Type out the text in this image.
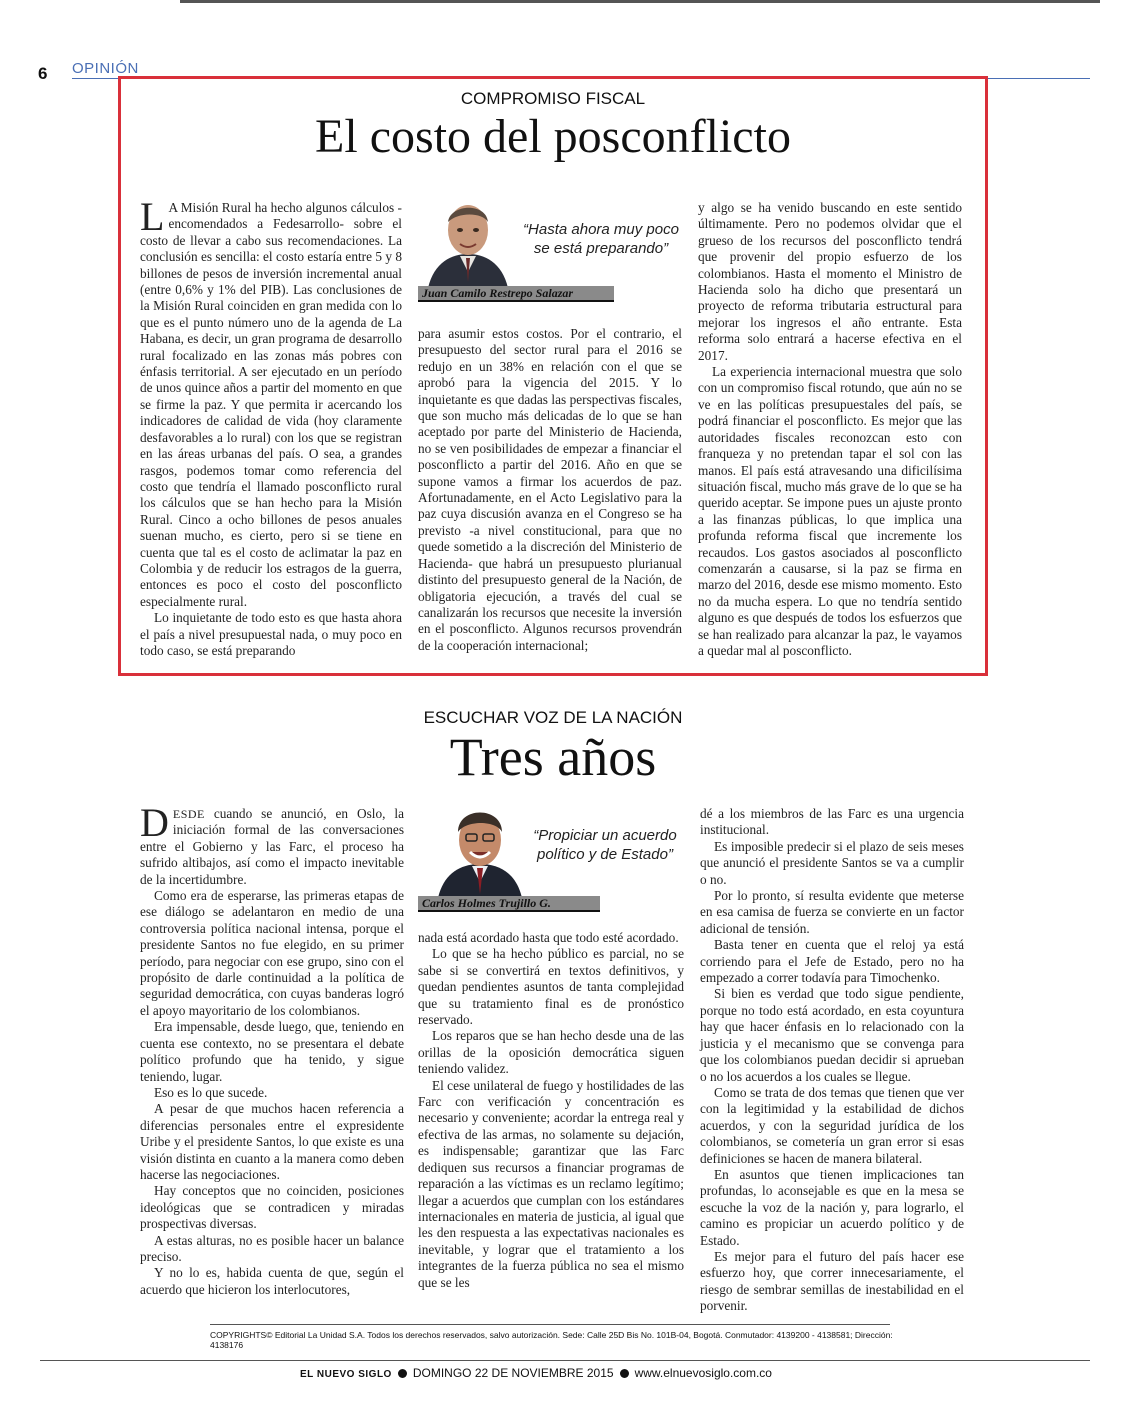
6 OPINIÓN
COMPROMISO FISCAL
El costo del posconflicto

L A Misión Rural ha hecho algunos cálculos -encomendados a Fedesarrollo- sobre el costo de llevar a cabo sus recomendaciones. La conclusión es sencilla: el costo estaría entre 5 y 8 billones de pesos de inversión incremental anual (entre 0,6% y 1% del PIB). Las conclusiones de la Misión Rural coinciden en gran medida con lo que es el punto número uno de la agenda de La Habana, es decir, un gran programa de desarrollo rural focalizado en las zonas más pobres con énfasis territorial. A ser ejecutado en un período de unos quince años a partir del momento en que se firme la paz. Y que permita ir acercando los indicadores de calidad de vida (hoy claramente desfavorables a lo rural) con los que se registran en las áreas urbanas del país. O sea, a grandes rasgos, podemos tomar como referencia del costo que tendría el llamado posconflicto rural los cálculos que se han hecho para la Misión Rural. Cinco a ocho billones de pesos anuales suenan mucho, es cierto, pero si se tiene en cuenta que tal es el costo de aclimatar la paz en Colombia y de reducir los estragos de la guerra, entonces es poco el costo del posconflicto especialmente rural.

Lo inquietante de todo esto es que hasta ahora el país a nivel presupuestal nada, o muy poco en todo caso, se está preparando

“Hasta ahora muy poco se está preparando”
Juan Camilo Restrepo Salazar

para asumir estos costos. Por el contrario, el presupuesto del sector rural para el 2016 se redujo en un 38% en relación con el que se aprobó para la vigencia del 2015. Y lo inquietante es que dadas las perspectivas fiscales, que son mucho más delicadas de lo que se han aceptado por parte del Ministerio de Hacienda, no se ven posibilidades de empezar a financiar el posconflicto a partir del 2016. Año en que se supone vamos a firmar los acuerdos de paz. Afortunadamente, en el Acto Legislativo para la paz cuya discusión avanza en el Congreso se ha previsto -a nivel constitucional, para que no quede sometido a la discreción del Ministerio de Hacienda- que habrá un presupuesto plurianual distinto del presupuesto general de la Nación, de obligatoria ejecución, a través del cual se canalizarán los recursos que necesite la inversión en el posconflicto. Algunos recursos provendrán de la cooperación internacional;

y algo se ha venido buscando en este sentido últimamente. Pero no podemos olvidar que el grueso de los recursos del posconflicto tendrá que provenir del propio esfuerzo de los colombianos. Hasta el momento el Ministro de Hacienda solo ha dicho que presentará un proyecto de reforma tributaria estructural para mejorar los ingresos el año entrante. Esta reforma solo entrará a hacerse efectiva en el 2017.

La experiencia internacional muestra que solo con un compromiso fiscal rotundo, que aún no se ve en las políticas presupuestales del país, se podrá financiar el posconflicto. Es mejor que las autoridades fiscales reconozcan esto con franqueza y no pretendan tapar el sol con las manos. El país está atravesando una dificilísima situación fiscal, mucho más grave de lo que se ha querido aceptar. Se impone pues un ajuste pronto a las finanzas públicas, lo que implica una profunda reforma fiscal que incremente los recaudos. Los gastos asociados al posconflicto comenzarán a causarse, si la paz se firma en marzo del 2016, desde ese mismo momento. Esto no da mucha espera. Lo que no tendría sentido alguno es que después de todos los esfuerzos que se han realizado para alcanzar la paz, le vayamos a quedar mal al posconflicto.

ESCUCHAR VOZ DE LA NACIÓN
Tres años

DESDE cuando se anunció, en Oslo, la iniciación formal de las conversaciones entre el Gobierno y las Farc, el proceso ha sufrido altibajos, así como el impacto inevitable de la incertidumbre.

Como era de esperarse, las primeras etapas de ese diálogo se adelantaron en medio de una controversia política nacional intensa, porque el presidente Santos no fue elegido, en su primer período, para negociar con ese grupo, sino con el propósito de darle continuidad a la política de seguridad democrática, con cuyas banderas logró el apoyo mayoritario de los colombianos.

Era impensable, desde luego, que, teniendo en cuenta ese contexto, no se presentara el debate político profundo que ha tenido, y sigue teniendo, lugar.

Eso es lo que sucede.

A pesar de que muchos hacen referencia a diferencias personales entre el expresidente Uribe y el presidente Santos, lo que existe es una visión distinta en cuanto a la manera como deben hacerse las negociaciones.

Hay conceptos que no coinciden, posiciones ideológicas que se contradicen y miradas prospectivas diversas.

A estas alturas, no es posible hacer un balance preciso.

Y no lo es, habida cuenta de que, según el acuerdo que hicieron los interlocutores,

“Propiciar un acuerdo político y de Estado”
Carlos Holmes Trujillo G.

nada está acordado hasta que todo esté acordado.

Lo que se ha hecho público es parcial, no se sabe si se convertirá en textos definitivos, y quedan pendientes asuntos de tanta complejidad que su tratamiento final es de pronóstico reservado.

Los reparos que se han hecho desde una de las orillas de la oposición democrática siguen teniendo validez.

El cese unilateral de fuego y hostilidades de las Farc con verificación y concentración es necesario y conveniente; acordar la entrega real y efectiva de las armas, no solamente su dejación, es indispensable; garantizar que las Farc dediquen sus recursos a financiar programas de reparación a las víctimas es un reclamo legítimo; llegar a acuerdos que cumplan con los estándares internacionales en materia de justicia, al igual que les den respuesta a las expectativas nacionales es inevitable, y lograr que el tratamiento a los integrantes de la fuerza pública no sea el mismo que se les

dé a los miembros de las Farc es una urgencia institucional.

Es imposible predecir si el plazo de seis meses que anunció el presidente Santos se va a cumplir o no.

Por lo pronto, sí resulta evidente que meterse en esa camisa de fuerza se convierte en un factor adicional de tensión.

Basta tener en cuenta que el reloj ya está corriendo para el Jefe de Estado, pero no ha empezado a correr todavía para Timochenko.

Si bien es verdad que todo sigue pendiente, porque no todo está acordado, en esta coyuntura hay que hacer énfasis en lo relacionado con la justicia y el mecanismo que se convenga para que los colombianos puedan decidir si aprueban o no los acuerdos a los cuales se llegue.

Como se trata de dos temas que tienen que ver con la legitimidad y la estabilidad de dichos acuerdos, y con la seguridad jurídica de los colombianos, se cometería un gran error si esas definiciones se hacen de manera bilateral.

En asuntos que tienen implicaciones tan profundas, lo aconsejable es que en la mesa se escuche la voz de la nación y, para lograrlo, el camino es propiciar un acuerdo político y de Estado.

Es mejor para el futuro del país hacer ese esfuerzo hoy, que correr innecesariamente, el riesgo de sembrar semillas de inestabilidad en el porvenir.

COPYRIGHTS© Editorial La Unidad S.A. Todos los derechos reservados, salvo autorización. Sede: Calle 25D Bis No. 101B-04, Bogotá. Conmutador: 4139200 - 4138581; Dirección: 4138176
EL NUEVO SIGLO DOMINGO 22 DE NOVIEMBRE 2015 www.elnuevosiglo.com.co
